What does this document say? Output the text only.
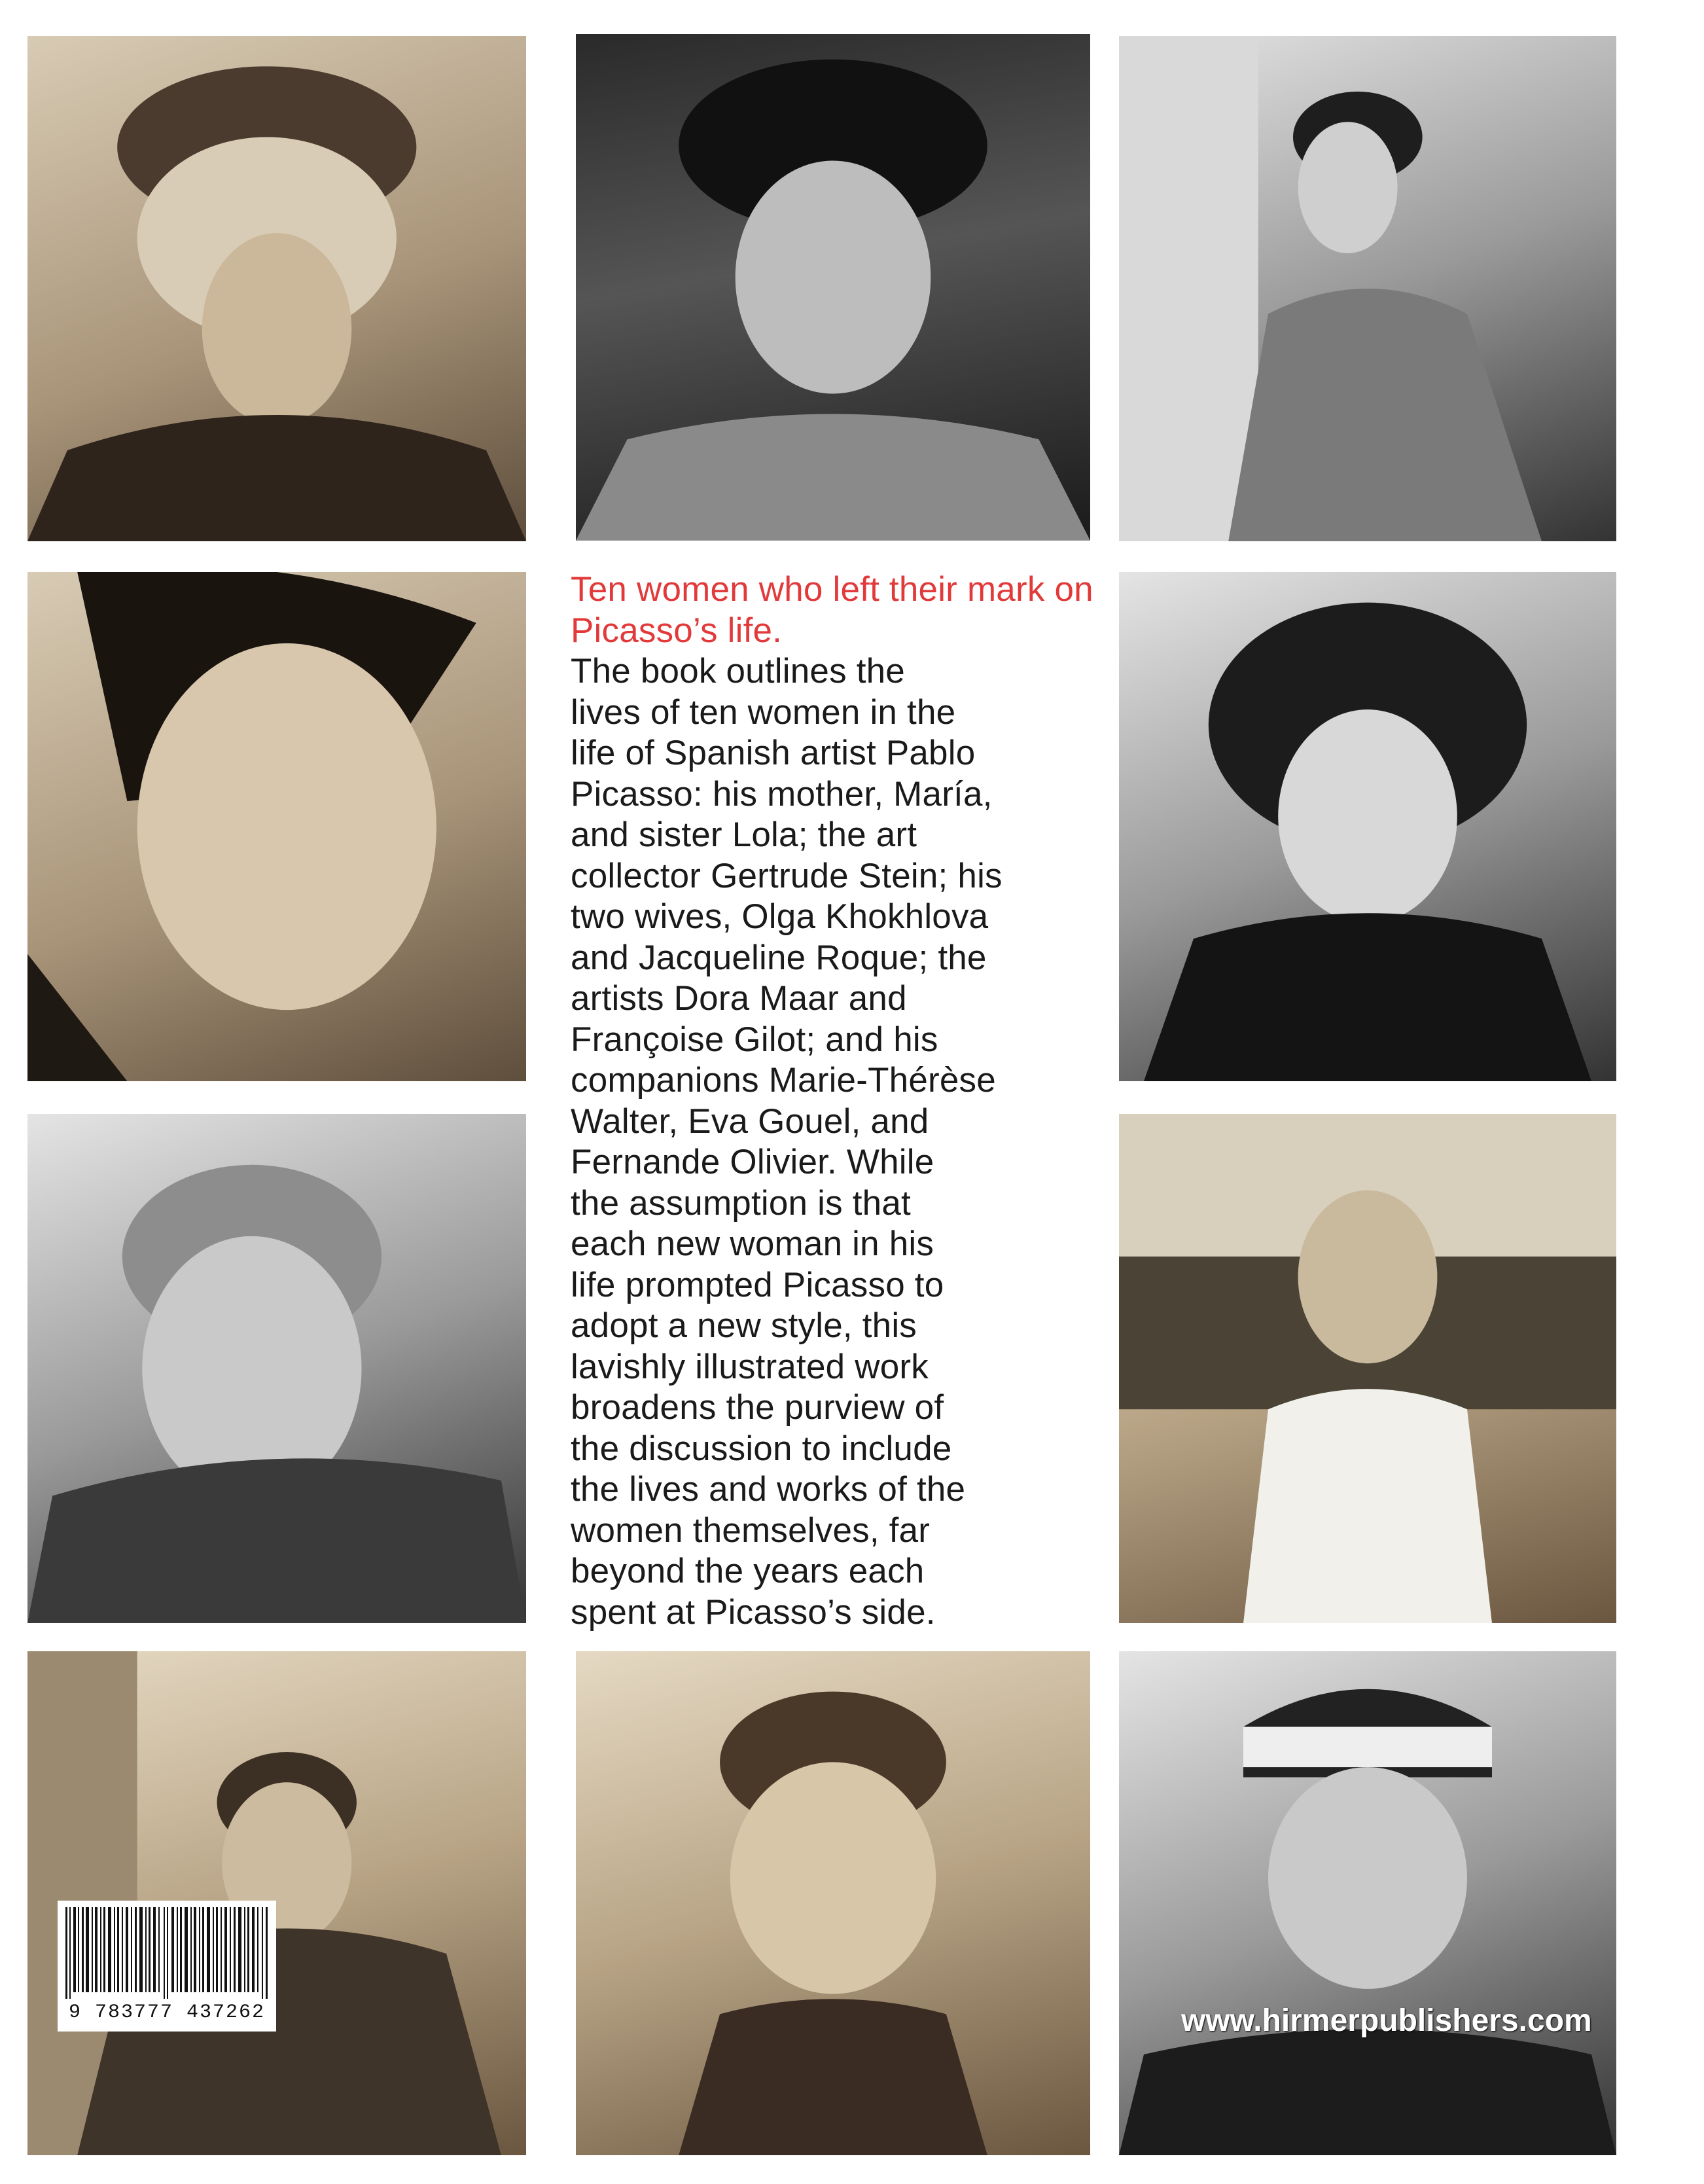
Ten women who left their mark on Picasso’s life.
The book outlines the
lives of ten women in the
life of Spanish artist Pablo
Picasso: his mother, María,
and sister Lola; the art
collector Gertrude Stein; his
two wives, Olga Khokhlova
and Jacqueline Roque; the
artists Dora Maar and
Françoise Gilot; and his
companions Marie-Thérèse
Walter, Eva Gouel, and
Fernande Olivier. While
the assumption is that
each new woman in his
life prompted Picasso to
adopt a new style, this
lavishly illustrated work
broadens the purview of
the discussion to include
the lives and works of the
women themselves, far
beyond the years each
spent at Picasso’s side.
9 783777 437262	www.hirmerpublishers.com
